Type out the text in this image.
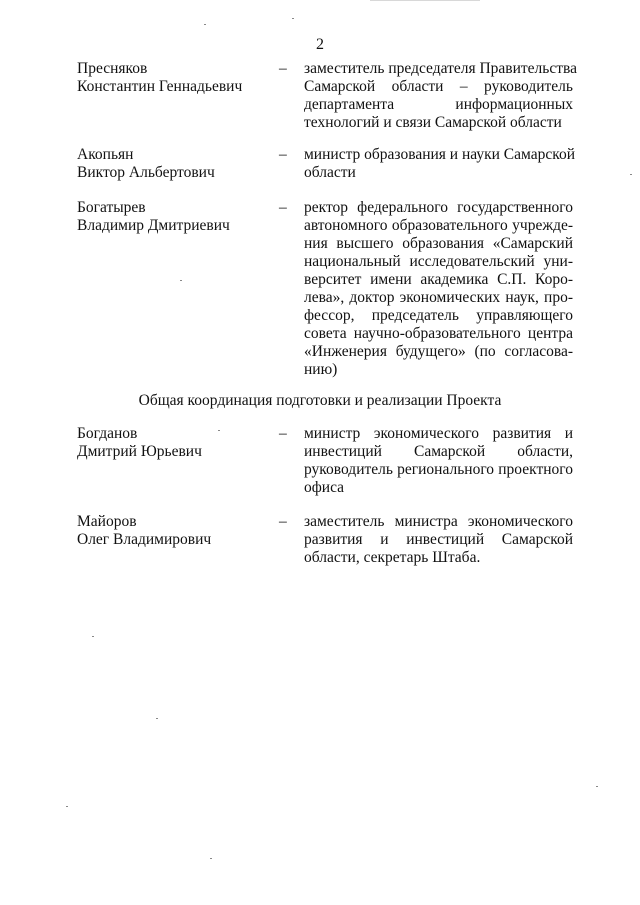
2
Пресняков
Константин Геннадьевич
–	заместитель председателя Правительства
Самарской области – руководитель
департамента информационных
технологий и связи Самарской области
Акопьян
Виктор Альбертович
–	министр образования и науки Самарской
области
Богатырев
Владимир Дмитриевич
–	ректор федерального государственного
автономного образовательного учрежде-
ния высшего образования «Самарский
национальный исследовательский уни-
верситет имени академика С.П. Коро-
лева», доктор экономических наук, про-
фессор, председатель управляющего
совета научно-образовательного центра
«Инженерия будущего» (по согласова-
нию)
Общая координация подготовки и реализации Проекта
Богданов
Дмитрий Юрьевич
–	министр экономического развития и
инвестиций Самарской области,
руководитель регионального проектного
офиса
Майоров
Олег Владимирович
–	заместитель министра экономического
развития и инвестиций Самарской
области, секретарь Штаба.
